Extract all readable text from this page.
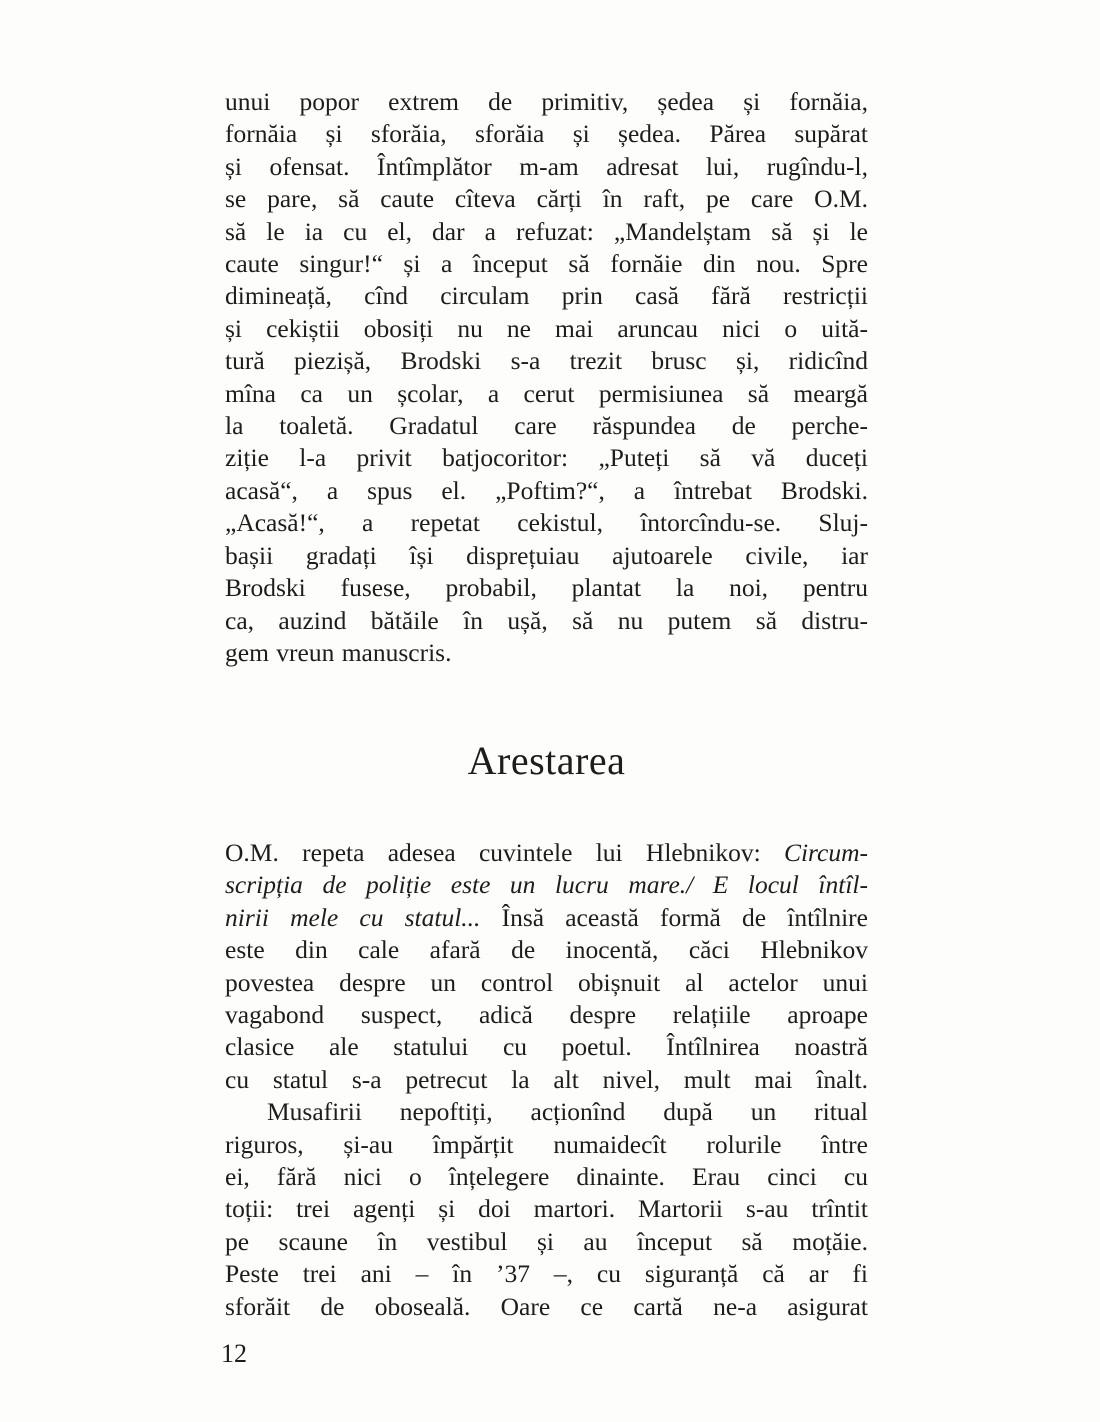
unui popor extrem de primitiv, ședea și fornăia,
fornăia și sforăia, sforăia și ședea. Părea supărat
și ofensat. Întîmplător m-am adresat lui, rugîndu-l,
se pare, să caute cîteva cărți în raft, pe care O.M.
să le ia cu el, dar a refuzat: „Mandelștam să și le
caute singur!“ și a început să fornăie din nou. Spre
dimineață, cînd circulam prin casă fără restricții
și cekiștii obosiți nu ne mai aruncau nici o uită-
tură piezișă, Brodski s-a trezit brusc și, ridicînd
mîna ca un școlar, a cerut permisiunea să meargă
la toaletă. Gradatul care răspundea de perche-
ziție l-a privit batjocoritor: „Puteți să vă duceți
acasă“, a spus el. „Poftim?“, a întrebat Brodski.
„Acasă!“, a repetat cekistul, întorcîndu-se. Sluj-
bașii gradați își disprețuiau ajutoarele civile, iar
Brodski fusese, probabil, plantat la noi, pentru
ca, auzind bătăile în ușă, să nu putem să distru-
gem vreun manuscris.
Arestarea
O.M. repeta adesea cuvintele lui Hlebnikov: Circum-
scripția de poliție este un lucru mare./ E locul întîl-
nirii mele cu statul... Însă această formă de întîlnire
este din cale afară de inocentă, căci Hlebnikov
povestea despre un control obișnuit al actelor unui
vagabond suspect, adică despre relațiile aproape
clasice ale statului cu poetul. Întîlnirea noastră
cu statul s-a petrecut la alt nivel, mult mai înalt.
Musafirii nepoftiți, acționînd după un ritual
riguros, și-au împărțit numaidecît rolurile între
ei, fără nici o înțelegere dinainte. Erau cinci cu
toții: trei agenți și doi martori. Martorii s-au trîntit
pe scaune în vestibul și au început să moțăie.
Peste trei ani – în ’37 –, cu siguranță că ar fi
sforăit de oboseală. Oare ce cartă ne-a asigurat
12
